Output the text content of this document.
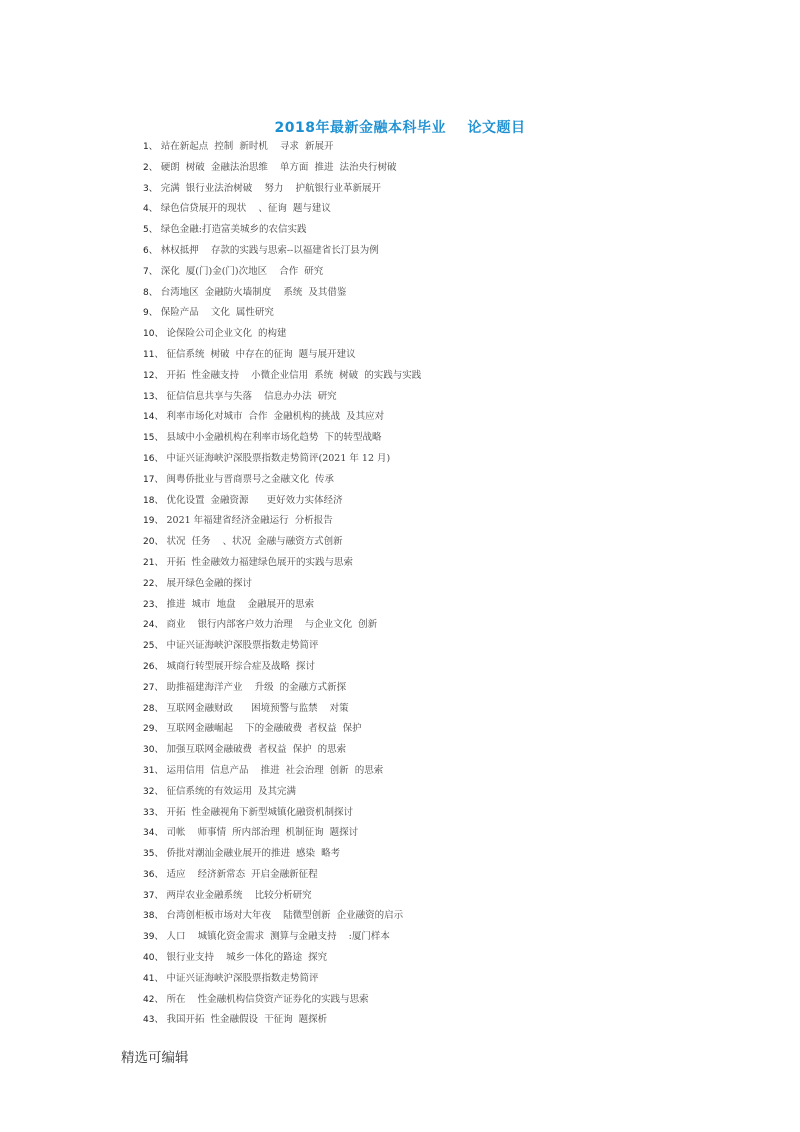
2018年最新金融本科毕业    论文题目
1、 站在新起点  控制  新时机    寻求  新展开
2、 硬朗  树破  金融法治思维    单方面  推进  法治央行树破
3、 完满  银行业法治树破    努力    护航银行业革新展开
4、 绿色信贷展开的现状    、征询  题与建议
5、 绿色金融:打造富美城乡的农信实践
6、 林权抵押    存款的实践与思索--以福建省长汀县为例
7、 深化  厦(门)金(门)次地区    合作  研究
8、 台湾地区  金融防火墙制度    系统  及其借鉴
9、 保险产品    文化  属性研究
10、 论保险公司企业文化  的构建
11、 征信系统  树破  中存在的征询  题与展开建议
12、 开拓  性金融支持    小微企业信用  系统  树破  的实践与实践
13、 征信信息共享与失落    信息办办法  研究
14、 利率市场化对城市  合作  金融机构的挑战  及其应对
15、 县域中小金融机构在利率市场化趋势  下的转型战略
16、 中证兴证海峡沪深股票指数走势简评(2021 年 12 月)
17、 闽粤侨批业与晋商票号之金融文化  传承
18、 优化设置  金融资源      更好效力实体经济
19、 2021 年福建省经济金融运行  分析报告
20、 状况  任务    、状况  金融与融资方式创新
21、 开拓  性金融效力福建绿色展开的实践与思索
22、 展开绿色金融的探讨
23、 推进  城市  地盘    金融展开的思索
24、 商业    银行内部客户效力治理    与企业文化  创新
25、 中证兴证海峡沪深股票指数走势简评
26、 城商行转型展开综合症及战略  探讨
27、 助推福建海洋产业    升级  的金融方式新探
28、 互联网金融财政      困境预警与监禁    对策
29、 互联网金融崛起    下的金融破费  者权益  保护
30、 加强互联网金融破费  者权益  保护  的思索
31、 运用信用  信息产品    推进  社会治理  创新  的思索
32、 征信系统的有效运用  及其完满
33、 开拓  性金融视角下新型城镇化融资机制探讨
34、 司帐    师事情  所内部治理  机制征询  题探讨
35、 侨批对潮汕金融业展开的推进  感染  略考
36、 适应    经济新常态  开启金融新征程
37、 两岸农业金融系统    比较分析研究
38、 台湾创柜板市场对大年夜    陆微型创新  企业融资的启示
39、 人口    城镇化资金需求  测算与金融支持    :厦门样本
40、 银行业支持    城乡一体化的路途  探究
41、 中证兴证海峡沪深股票指数走势简评
42、 所在    性金融机构信贷资产证券化的实践与思索
43、 我国开拓  性金融假设  干征询  题探析
精选可编辑
